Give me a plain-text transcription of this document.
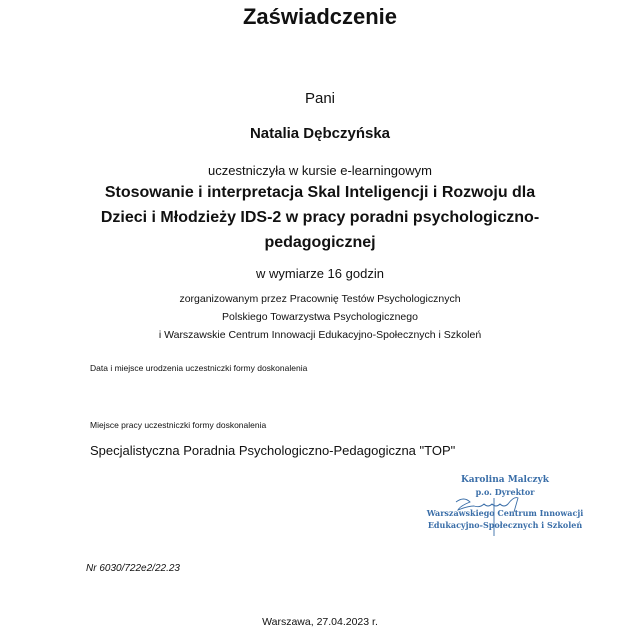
Zaświadczenie
Pani
Natalia Dębczyńska
uczestniczyła w kursie e-learningowym
Stosowanie i interpretacja Skal Inteligencji i Rozwoju dla Dzieci i Młodzieży IDS-2 w pracy poradni psychologiczno-pedagogicznej
w wymiarze 16 godzin
zorganizowanym przez Pracownię Testów Psychologicznych
Polskiego Towarzystwa Psychologicznego
i Warszawskie Centrum Innowacji Edukacyjno-Społecznych i Szkoleń
Data i miejsce urodzenia uczestniczki formy doskonalenia
Miejsce pracy uczestniczki formy doskonalenia
Specjalistyczna Poradnia Psychologiczno-Pedagogiczna "TOP"
Karolina Malczyk
p.o. Dyrektor
Warszawskiego Centrum Innowacji
Edukacyjno-Społecznych i Szkoleń
Nr 6030/722e2/22.23
Warszawa, 27.04.2023 r.
